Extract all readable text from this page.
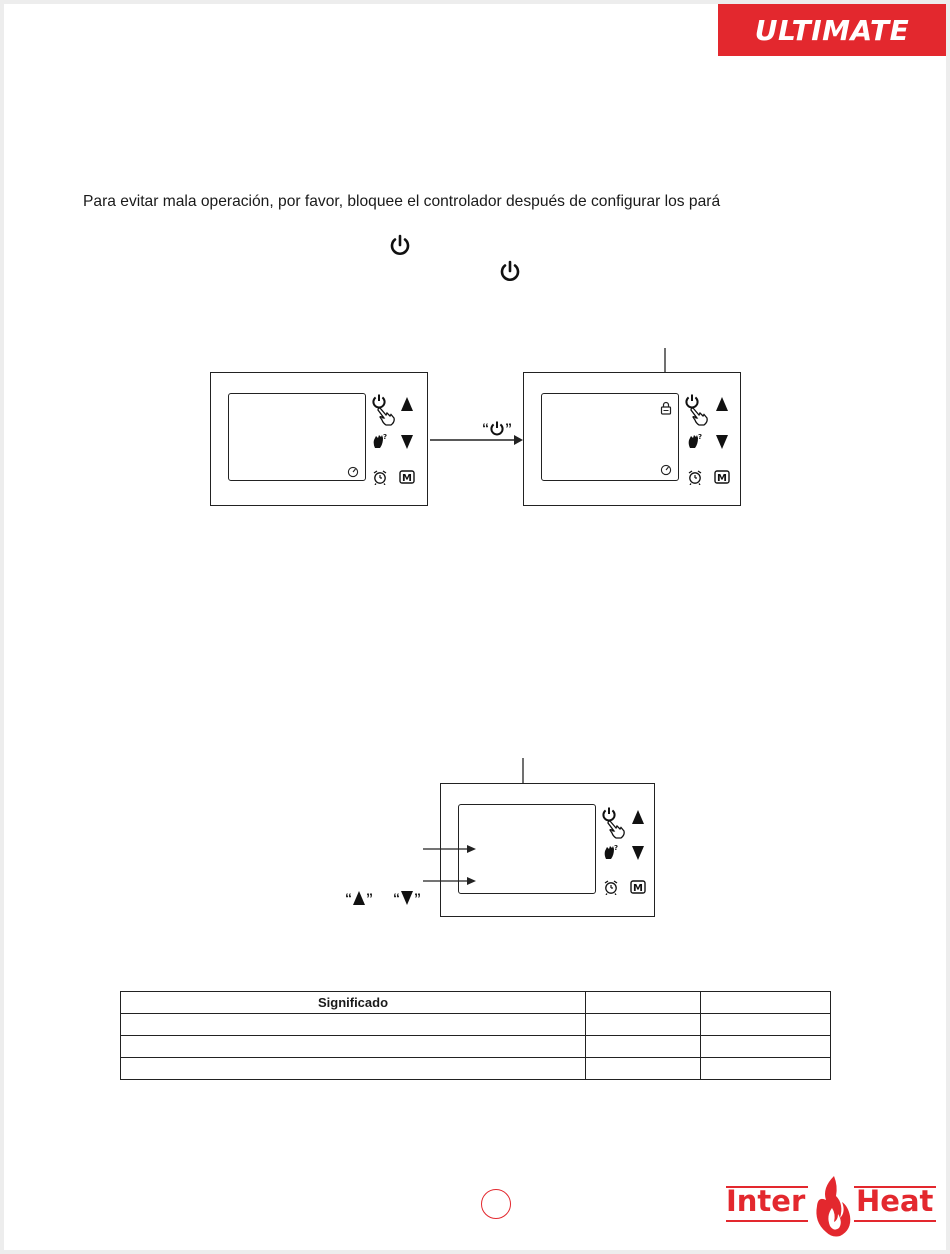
ULTIMATE
Para evitar mala operación, por favor, bloquee el controlador después de configurar los pará
?
M
“ ”
?
M
?
M
“ ” “ ”
Significado		

Inter Heat
